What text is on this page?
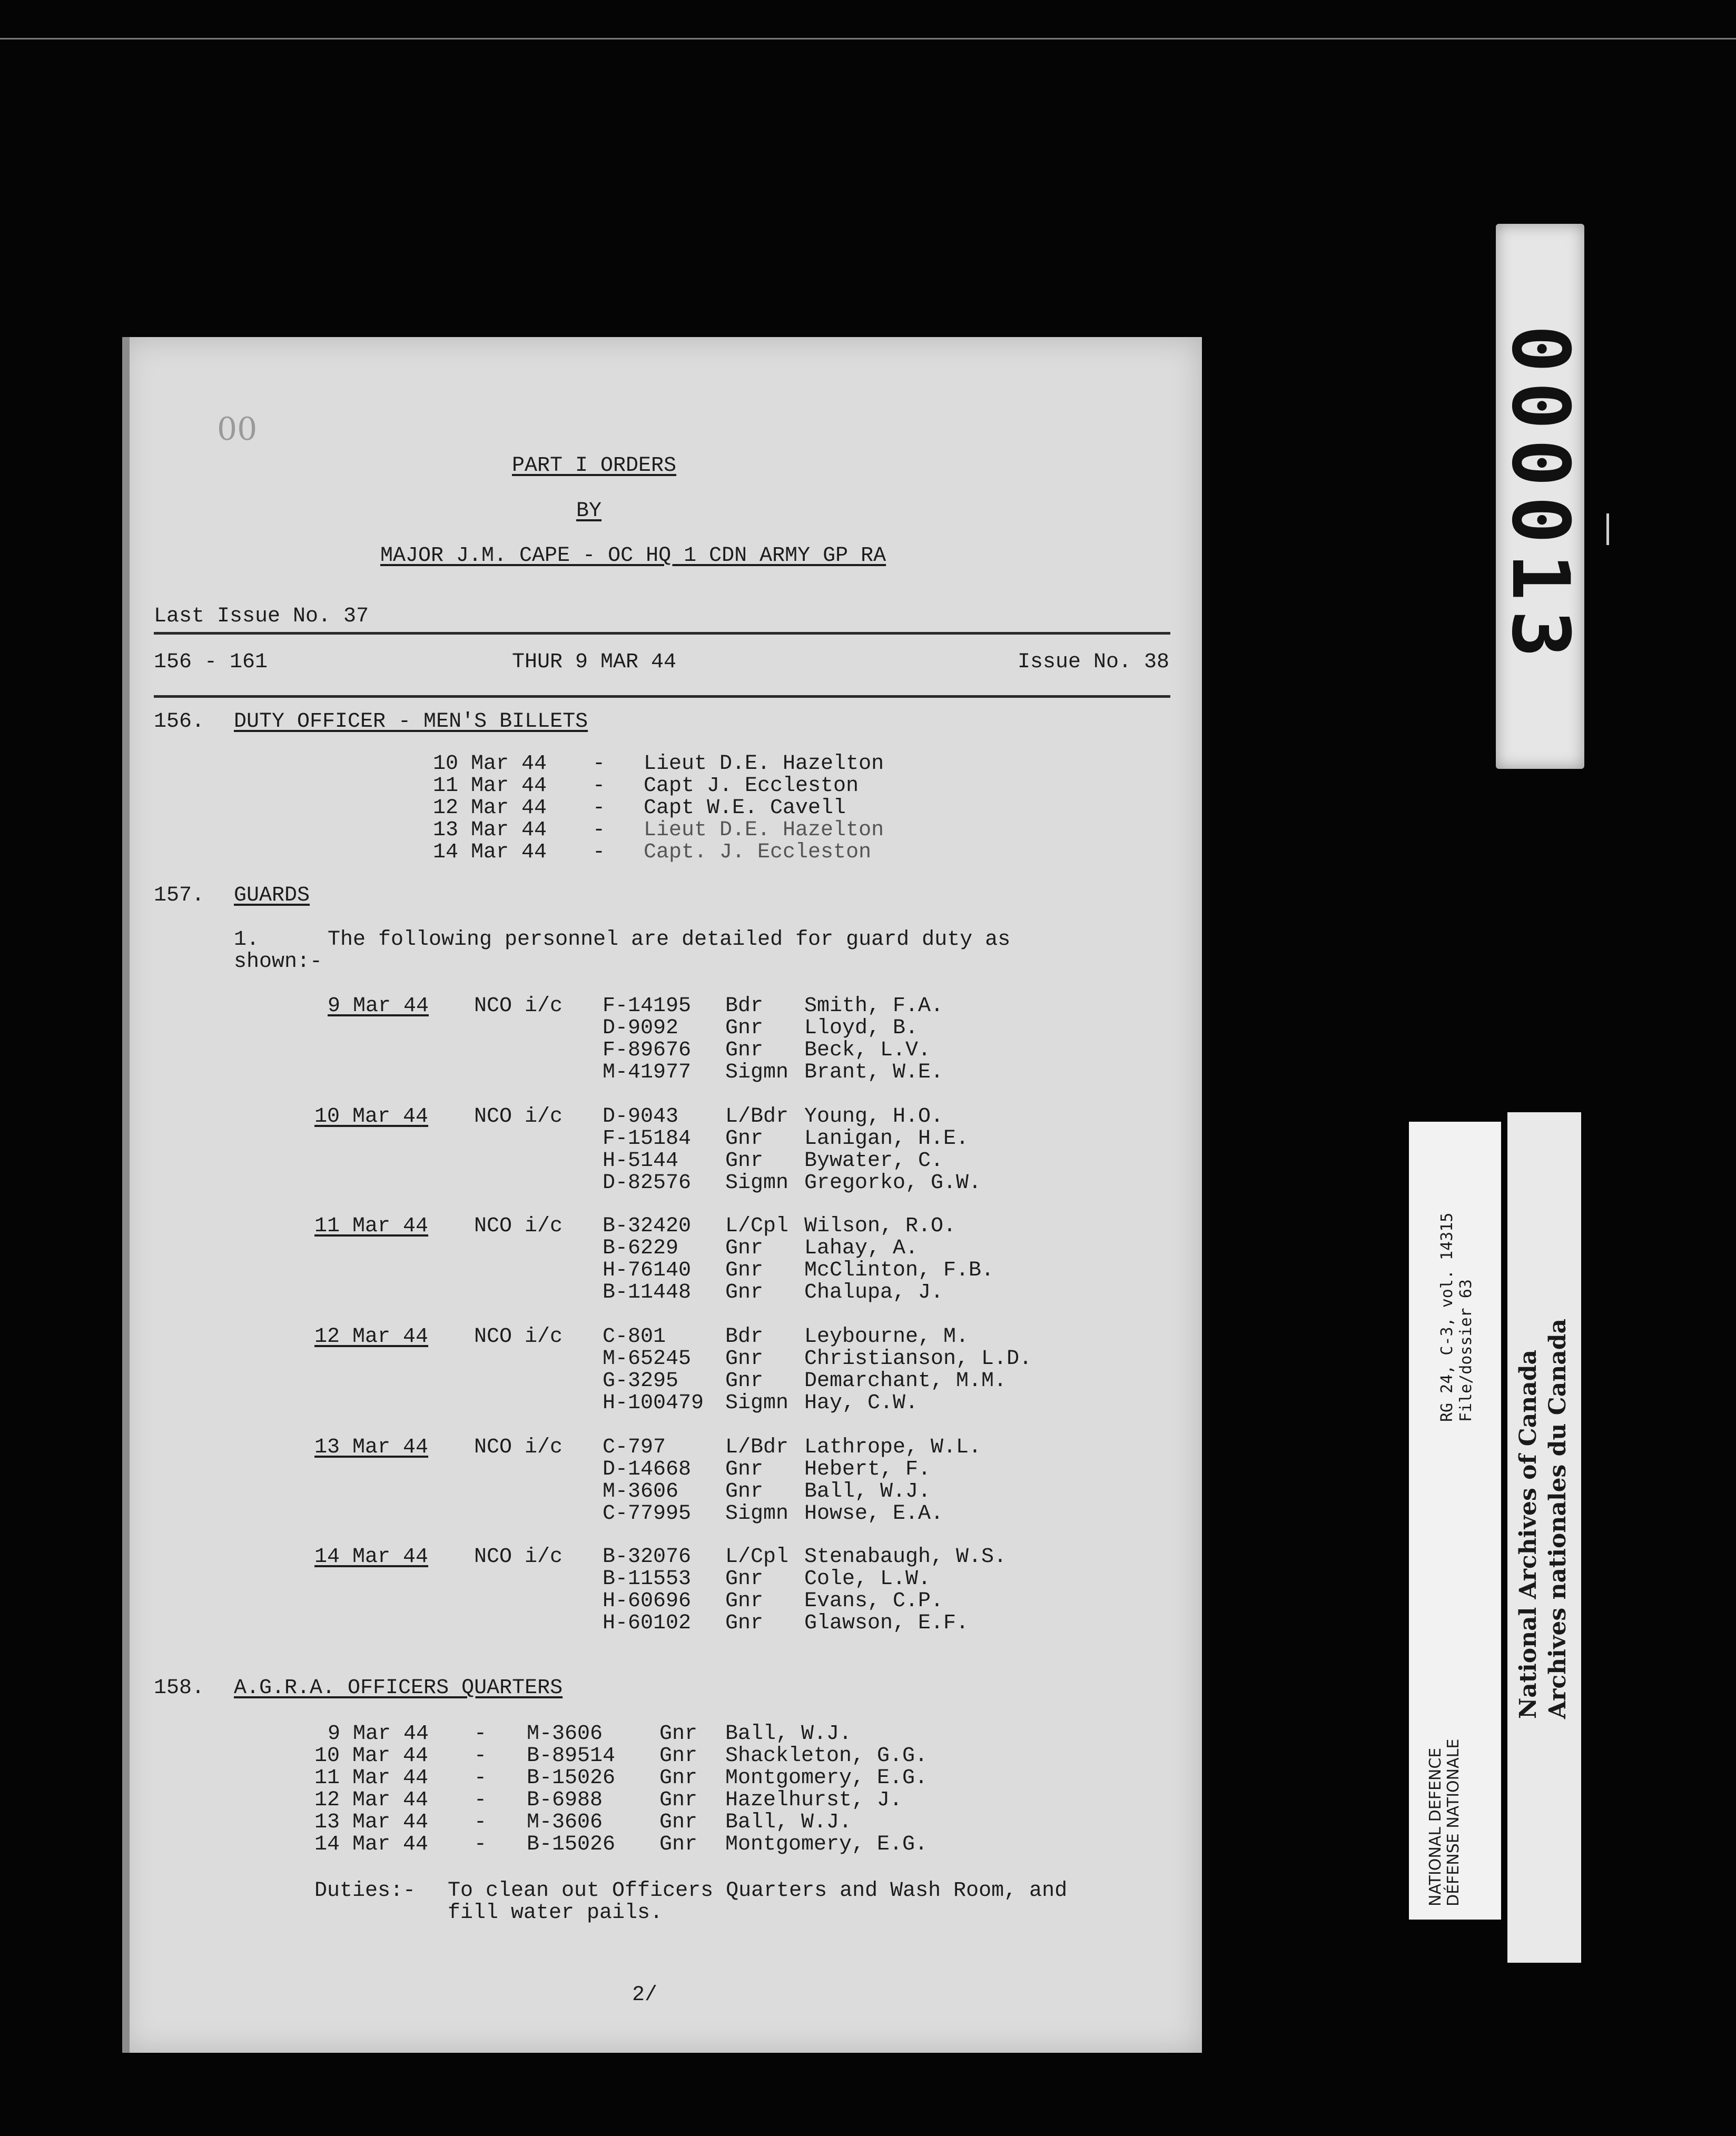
00
PART I ORDERS
BY
MAJOR J.M. CAPE - OC HQ 1 CDN ARMY GP RA
Last Issue No. 37
156 - 161	THUR 9 MAR 44	Issue No. 38
156. DUTY OFFICER - MEN'S BILLETS
10 Mar 44 - Lieut D.E. Hazelton
11 Mar 44 - Capt J. Eccleston
12 Mar 44 - Capt W.E. Cavell
13 Mar 44 - Lieut D.E. Hazelton
14 Mar 44 - Capt. J. Eccleston
157. GUARDS
1.	The following personnel are detailed for guard duty as
shown:-
9 Mar 44 NCO i/c F-14195 Bdr Smith, F.A.
D-9092 Gnr Lloyd, B.
F-89676 Gnr Beck, L.V.
M-41977 Sigmn Brant, W.E.
10 Mar 44 NCO i/c D-9043 L/Bdr Young, H.O.
F-15184 Gnr Lanigan, H.E.
H-5144 Gnr Bywater, C.
D-82576 Sigmn Gregorko, G.W.
11 Mar 44 NCO i/c B-32420 L/Cpl Wilson, R.O.
B-6229 Gnr Lahay, A.
H-76140 Gnr McClinton, F.B.
B-11448 Gnr Chalupa, J.
12 Mar 44 NCO i/c C-801	Bdr Leybourne, M.
M-65245 Gnr Christianson, L.D.
G-3295 Gnr Demarchant, M.M.
H-100479 Sigmn Hay, C.W.
13 Mar 44 NCO i/c C-797	L/Bdr Lathrope, W.L.
D-14668 Gnr Hebert, F.
M-3606 Gnr Ball, W.J.
C-77995 Sigmn Howse, E.A.
14 Mar 44 NCO i/c B-32076 L/Cpl Stenabaugh, W.S.
B-11553 Gnr Cole, L.W.
H-60696 Gnr Evans, C.P.
H-60102 Gnr Glawson, E.F.
158. A.G.R.A. OFFICERS QUARTERS
9 Mar 44 - M-3606	Gnr Ball, W.J.
10 Mar 44 - B-89514 Gnr Shackleton, G.G.
11 Mar 44 - B-15026 Gnr Montgomery, E.G.
12 Mar 44 - B-6988	Gnr Hazelhurst, J.
13 Mar 44 - M-3606	Gnr Ball, W.J.
14 Mar 44 - B-15026 Gnr Montgomery, E.G.
Duties:- To clean out Officers Quarters and Wash Room, and
fill water pails.
2/
000013
NATIONAL DEFENCE DÉFENSE NATIONALE
RG 24, C-3, vol. 14315 File/dossier 63 National Archives of Canada Archives nationales du Canada
